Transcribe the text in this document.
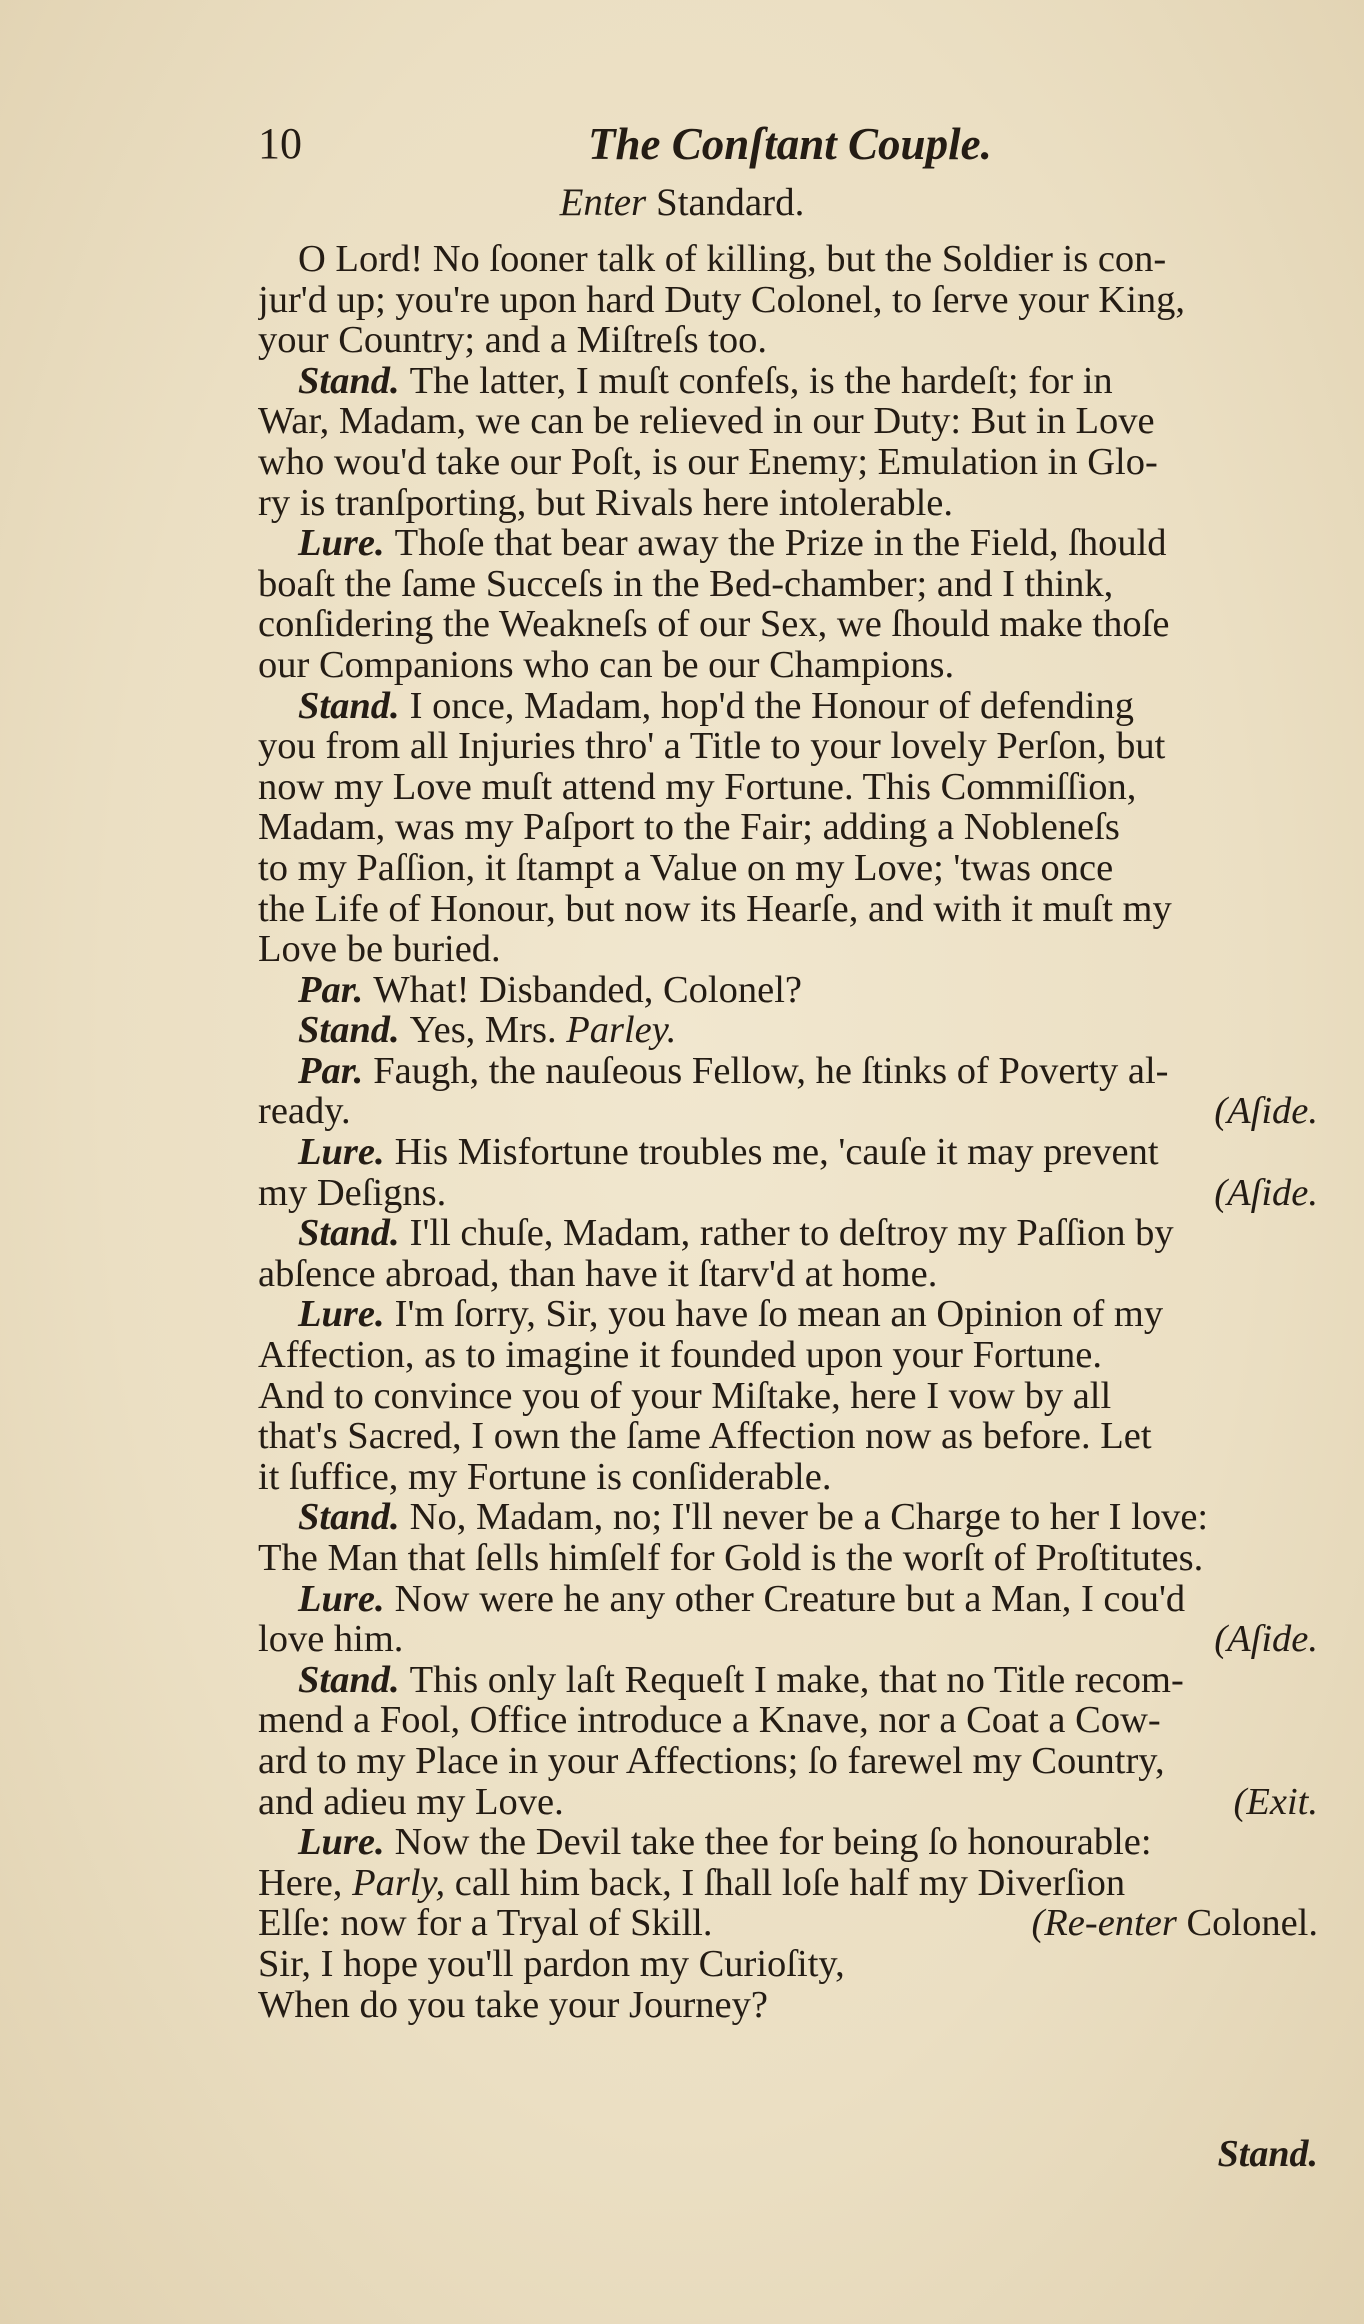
10	The Conſtant Couple.
Enter Standard.
O Lord! No ſooner talk of killing, but the Soldier is con-
jur'd up; you're upon hard Duty Colonel, to ſerve your King,
your Country; and a Miſtreſs too.
Stand. The latter, I muſt confeſs, is the hardeſt; for in
War, Madam, we can be relieved in our Duty: But in Love
who wou'd take our Poſt, is our Enemy; Emulation in Glo-
ry is tranſporting, but Rivals here intolerable.
Lure. Thoſe that bear away the Prize in the Field, ſhould
boaſt the ſame Succeſs in the Bed-chamber; and I think,
conſidering the Weakneſs of our Sex, we ſhould make thoſe
our Companions who can be our Champions.
Stand. I once, Madam, hop'd the Honour of defending
you from all Injuries thro' a Title to your lovely Perſon, but
now my Love muſt attend my Fortune. This Commiſſion,
Madam, was my Paſport to the Fair; adding a Nobleneſs
to my Paſſion, it ſtampt a Value on my Love; 'twas once
the Life of Honour, but now its Hearſe, and with it muſt my
Love be buried.
Par. What! Disbanded, Colonel?
Stand. Yes, Mrs. Parley.
Par. Faugh, the nauſeous Fellow, he ſtinks of Poverty al-
ready.	(Aſide.
Lure. His Misfortune troubles me, 'cauſe it may prevent
my Deſigns.	(Aſide.
Stand. I'll chuſe, Madam, rather to deſtroy my Paſſion by
abſence abroad, than have it ſtarv'd at home.
Lure. I'm ſorry, Sir, you have ſo mean an Opinion of my
Affection, as to imagine it founded upon your Fortune.
And to convince you of your Miſtake, here I vow by all
that's Sacred, I own the ſame Affection now as before. Let
it ſuffice, my Fortune is conſiderable.
Stand. No, Madam, no; I'll never be a Charge to her I love:
The Man that ſells himſelf for Gold is the worſt of Proſtitutes.
Lure. Now were he any other Creature but a Man, I cou'd
love him.	(Aſide.
Stand. This only laſt Requeſt I make, that no Title recom-
mend a Fool, Office introduce a Knave, nor a Coat a Cow-
ard to my Place in your Affections; ſo farewel my Country,
and adieu my Love.	(Exit.
Lure. Now the Devil take thee for being ſo honourable:
Here, Parly, call him back, I ſhall loſe half my Diverſion
Elſe: now for a Tryal of Skill.	(Re-enter Colonel.
Sir, I hope you'll pardon my Curioſity,
When do you take your Journey?
Stand.
